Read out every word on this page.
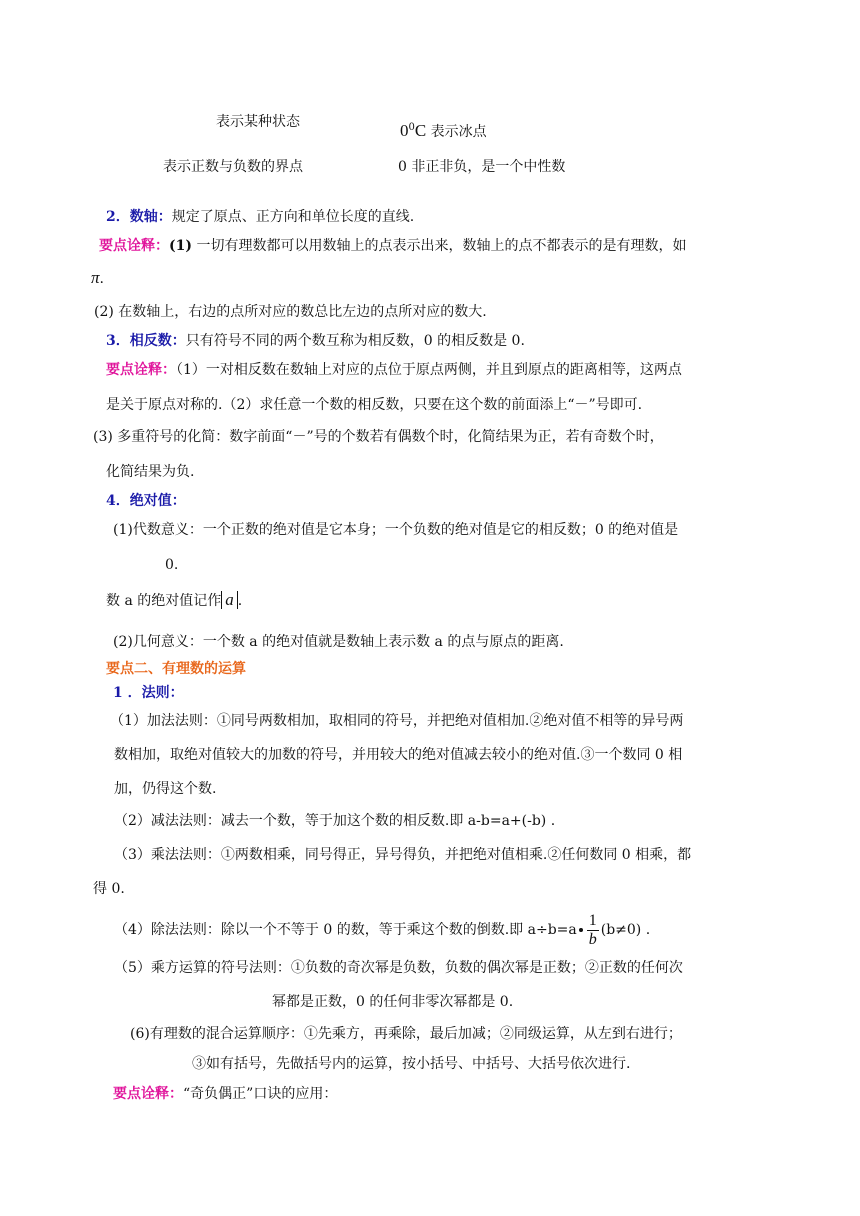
表示某种状态	$0^0C$ 表示冰点
表示正数与负数的界点	0 非正非负，是一个中性数
2．数轴：规定了原点、正方向和单位长度的直线.
要点诠释：(1) 一切有理数都可以用数轴上的点表示出来，数轴上的点不都表示的是有理数，如
π.
(2) 在数轴上，右边的点所对应的数总比左边的点所对应的数大.
3．相反数：只有符号不同的两个数互称为相反数，0 的相反数是 0.
要点诠释：（1）一对相反数在数轴上对应的点位于原点两侧，并且到原点的距离相等，这两点
是关于原点对称的.（2）求任意一个数的相反数，只要在这个数的前面添上“－”号即可.
(3) 多重符号的化简：数字前面“－”号的个数若有偶数个时，化简结果为正，若有奇数个时，
化简结果为负.
4．绝对值：
(1)代数意义：一个正数的绝对值是它本身；一个负数的绝对值是它的相反数；0 的绝对值是
0.
数 a 的绝对值记作 a .
(2)几何意义：一个数 a 的绝对值就是数轴上表示数 a 的点与原点的距离.
要点二、有理数的运算
1 ．法则：
（1）加法法则：①同号两数相加，取相同的符号，并把绝对值相加.②绝对值不相等的异号两
数相加，取绝对值较大的加数的符号，并用较大的绝对值减去较小的绝对值.③一个数同 0 相
加，仍得这个数.
（2）减法法则：减去一个数，等于加这个数的相反数.即 a-b=a+(-b) .
（3）乘法法则：①两数相乘，同号得正，异号得负，并把绝对值相乘.②任何数同 0 相乘，都
得 0.
（4）除法法则：除以一个不等于 0 的数，等于乘这个数的倒数.即 $a\div b=a \frac{1}{b} (b\ne 0)$ .
（5）乘方运算的符号法则：①负数的奇次幂是负数，负数的偶次幂是正数；②正数的任何次
幂都是正数，0 的任何非零次幂都是 0.
(6)有理数的混合运算顺序：①先乘方，再乘除，最后加减；②同级运算，从左到右进行；
③如有括号，先做括号内的运算，按小括号、中括号、大括号依次进行.
要点诠释：“奇负偶正”口诀的应用：
